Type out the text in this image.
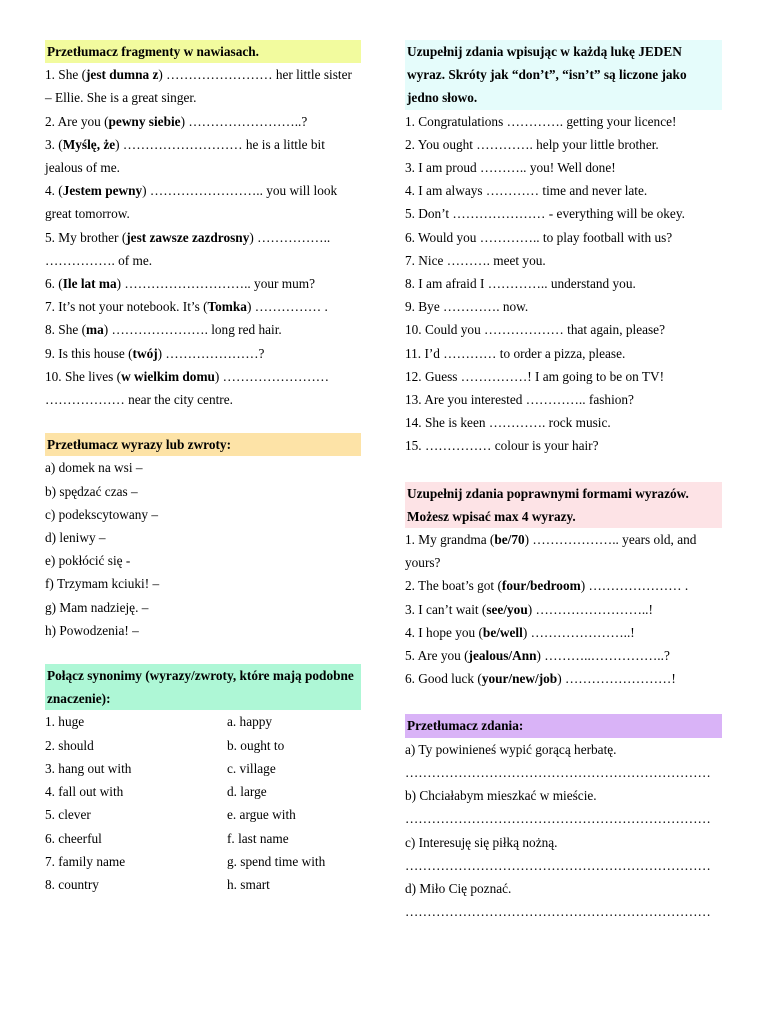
Przetłumacz fragmenty w nawiasach.
1. She (jest dumna z) …………………… her little sister – Ellie. She is a great singer.
2. Are you (pewny siebie) ……………………..?
3. (Myślę, że) ……………………… he is a little bit jealous of me.
4. (Jestem pewny) …………………….. you will look great tomorrow.
5. My brother (jest zawsze zazdrosny) …………….. ……………. of me.
6. (Ile lat ma) ……………………….. your mum?
7. It’s not your notebook. It’s (Tomka) …………… .
8. She (ma) …………………. long red hair.
9. Is this house (twój) …………………?
10. She lives (w wielkim domu) …………………… ……………… near the city centre.
Przetłumacz wyrazy lub zwroty:
a) domek na wsi –
b) spędzać czas –
c) podekscytowany –
d) leniwy –
e) pokłócić się -
f) Trzymam kciuki! –
g) Mam nadzieję. –
h) Powodzenia! –
Połącz synonimy (wyrazy/zwroty, które mają podobne znaczenie):
1. huge	a. happy
2. should	b. ought to
3. hang out with	c. village
4. fall out with	d. large
5. clever	e. argue with
6. cheerful	f. last name
7. family name	g. spend time with
8. country	h. smart
Uzupełnij zdania wpisując w każdą lukę JEDEN wyraz. Skróty jak “don’t”, “isn’t” są liczone jako jedno słowo.
1. Congratulations …………. getting your licence!
2. You ought …………. help your little brother.
3. I am proud ……….. you! Well done!
4. I am always ………… time and never late.
5. Don’t ………………… - everything will be okey.
6. Would you ………….. to play football with us?
7. Nice ………. meet you.
8. I am afraid I ………….. understand you.
9. Bye …………. now.
10. Could you ……………… that again, please?
11. I’d ………… to order a pizza, please.
12. Guess ……………! I am going to be on TV!
13. Are you interested ………….. fashion?
14. She is keen …………. rock music.
15. …………… colour is your hair?
Uzupełnij zdania poprawnymi formami wyrazów. Możesz wpisać max 4 wyrazy.
1. My grandma (be/70) ……………….. years old, and yours?
2. The boat’s got (four/bedroom) ………………… .
3. I can’t wait (see/you) ……………………..!
4. I hope you (be/well) …………………..!
5. Are you (jealous/Ann) ………..……………..?
6. Good luck (your/new/job) ……………………!
Przetłumacz zdania:
a) Ty powinieneś wypić gorącą herbatę.
……………………………………………………………
b) Chciałabym mieszkać w mieście.
……………………………………………………………
c) Interesuję się piłką nożną.
……………………………………………………………
d) Miło Cię poznać.
……………………………………………………………
